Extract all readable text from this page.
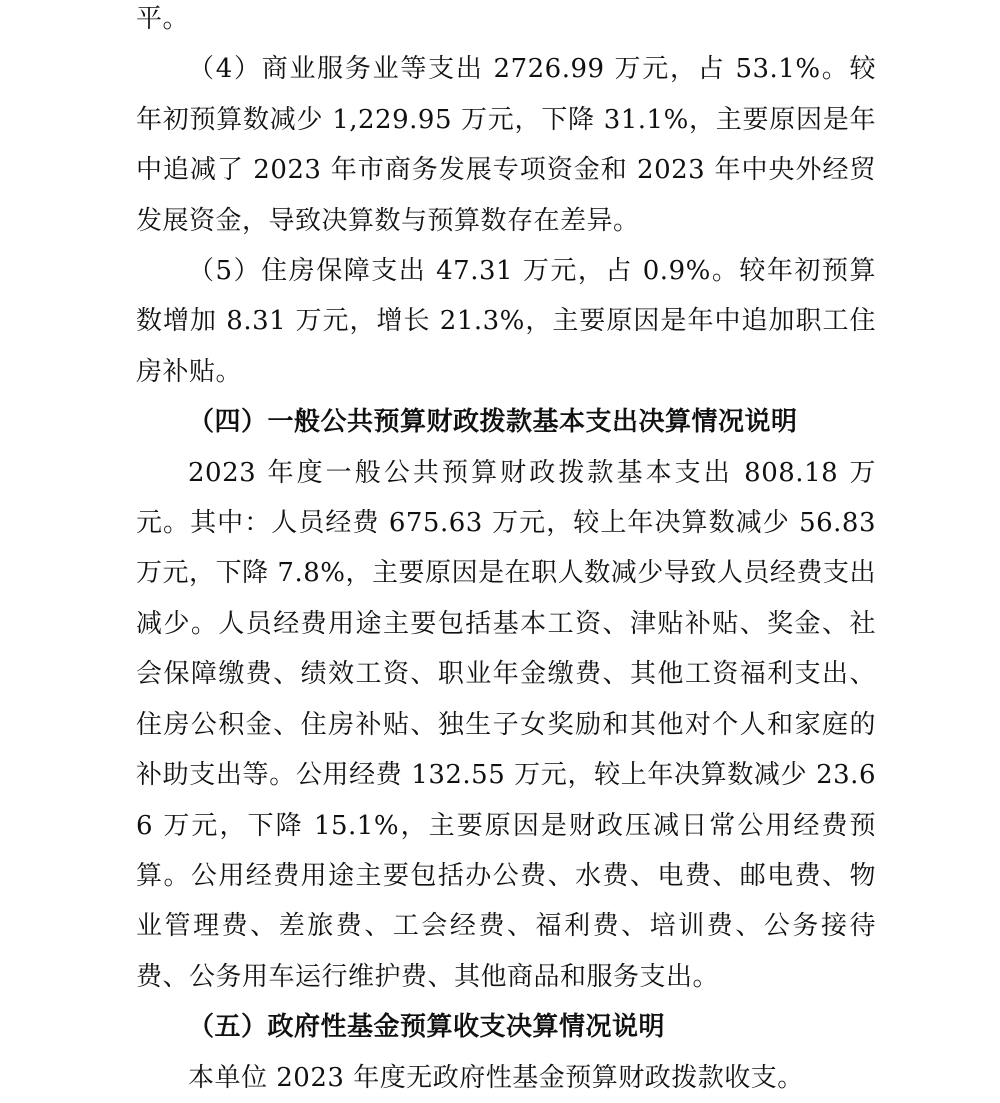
平。

（4）商业服务业等支出 2726.99 万元，占 53.1%。较年初预算数减少 1,229.95 万元，下降 31.1%，主要原因是年中追减了 2023 年市商务发展专项资金和 2023 年中央外经贸发展资金，导致决算数与预算数存在差异。

（5）住房保障支出 47.31 万元，占 0.9%。较年初预算数增加 8.31 万元，增长 21.3%，主要原因是年中追加职工住房补贴。

（四）一般公共预算财政拨款基本支出决算情况说明

2023 年度一般公共预算财政拨款基本支出 808.18 万元。其中：人员经费 675.63 万元，较上年决算数减少 56.83 万元，下降 7.8%，主要原因是在职人数减少导致人员经费支出减少。人员经费用途主要包括基本工资、津贴补贴、奖金、社会保障缴费、绩效工资、职业年金缴费、其他工资福利支出、住房公积金、住房补贴、独生子女奖励和其他对个人和家庭的补助支出等。公用经费 132.55 万元，较上年决算数减少 23.66 万元，下降 15.1%，主要原因是财政压减日常公用经费预算。公用经费用途主要包括办公费、水费、电费、邮电费、物业管理费、差旅费、工会经费、福利费、培训费、公务接待费、公务用车运行维护费、其他商品和服务支出。

（五）政府性基金预算收支决算情况说明

本单位 2023 年度无政府性基金预算财政拨款收支。
